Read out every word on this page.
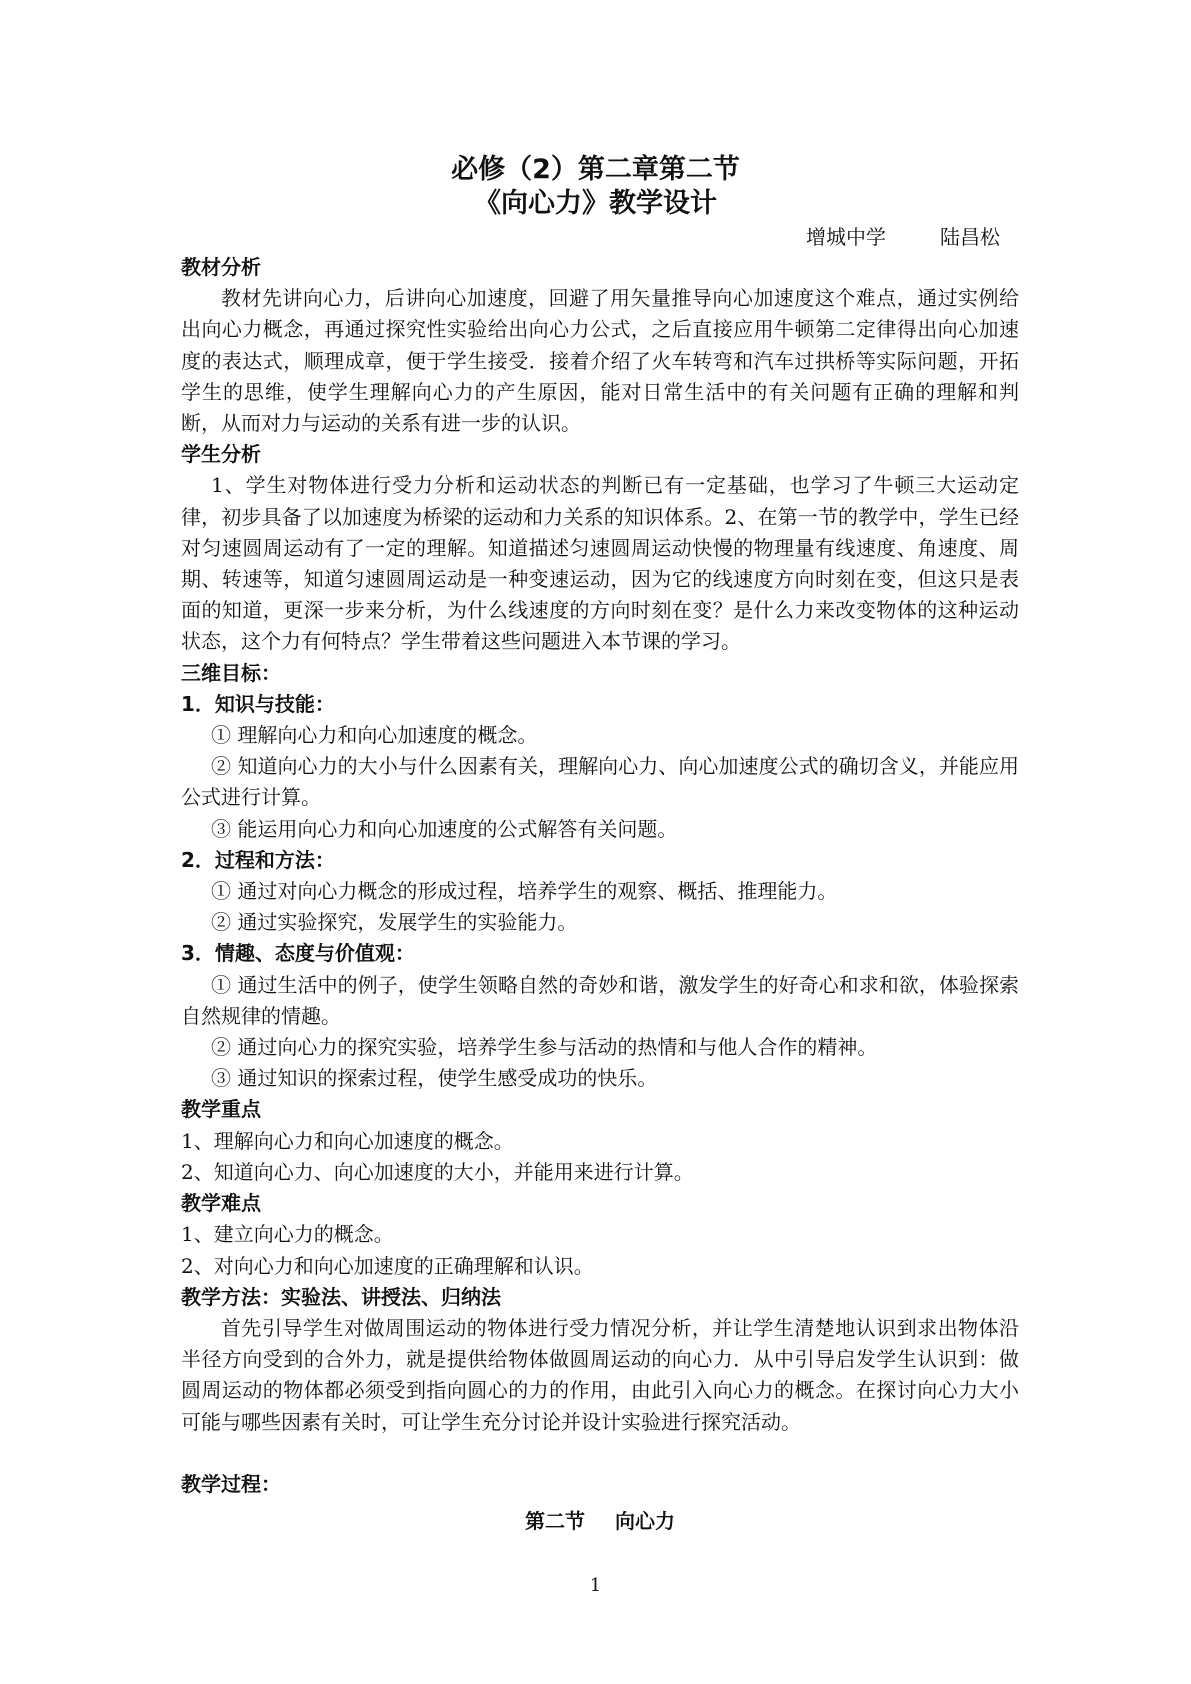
必修（2）第二章第二节
《向心力》教学设计
增城中学	陆昌松

教材分析

教材先讲向心力，后讲向心加速度，回避了用矢量推导向心加速度这个难点，通过实例给出向心力概念，再通过探究性实验给出向心力公式，之后直接应用牛顿第二定律得出向心加速度的表达式，顺理成章，便于学生接受．接着介绍了火车转弯和汽车过拱桥等实际问题，开拓学生的思维，使学生理解向心力的产生原因，能对日常生活中的有关问题有正确的理解和判断，从而对力与运动的关系有进一步的认识。

学生分析

1、学生对物体进行受力分析和运动状态的判断已有一定基础，也学习了牛顿三大运动定律，初步具备了以加速度为桥梁的运动和力关系的知识体系。2、在第一节的教学中，学生已经对匀速圆周运动有了一定的理解。知道描述匀速圆周运动快慢的物理量有线速度、角速度、周期、转速等，知道匀速圆周运动是一种变速运动，因为它的线速度方向时刻在变，但这只是表面的知道，更深一步来分析，为什么线速度的方向时刻在变？是什么力来改变物体的这种运动状态，这个力有何特点？学生带着这些问题进入本节课的学习。

三维目标：

1．知识与技能：

① 理解向心力和向心加速度的概念。

② 知道向心力的大小与什么因素有关，理解向心力、向心加速度公式的确切含义，并能应用公式进行计算。

③ 能运用向心力和向心加速度的公式解答有关问题。

2．过程和方法：

① 通过对向心力概念的形成过程，培养学生的观察、概括、推理能力。

② 通过实验探究，发展学生的实验能力。

3．情趣、态度与价值观：

① 通过生活中的例子，使学生领略自然的奇妙和谐，激发学生的好奇心和求和欲，体验探索自然规律的情趣。

② 通过向心力的探究实验，培养学生参与活动的热情和与他人合作的精神。

③ 通过知识的探索过程，使学生感受成功的快乐。

教学重点

1、理解向心力和向心加速度的概念。

2、知道向心力、向心加速度的大小，并能用来进行计算。

教学难点

1、建立向心力的概念。

2、对向心力和向心加速度的正确理解和认识。

教学方法：实验法、讲授法、归纳法

首先引导学生对做周围运动的物体进行受力情况分析，并让学生清楚地认识到求出物体沿半径方向受到的合外力，就是提供给物体做圆周运动的向心力．从中引导启发学生认识到：做圆周运动的物体都必须受到指向圆心的力的作用，由此引入向心力的概念。在探讨向心力大小可能与哪些因素有关时，可让学生充分讨论并设计实验进行探究活动。

教学过程：

第二节 向心力

1
